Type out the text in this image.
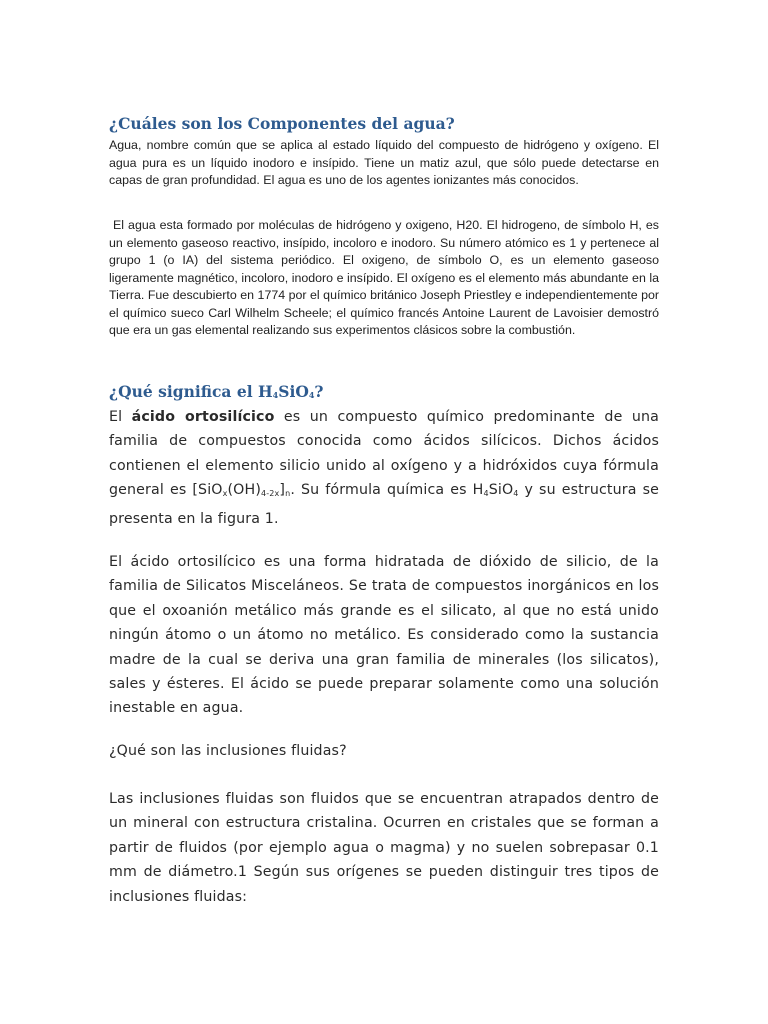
¿Cuáles son los Componentes del agua?

Agua, nombre común que se aplica al estado líquido del compuesto de hidrógeno y oxígeno. El agua pura es un líquido inodoro e insípido. Tiene un matiz azul, que sólo puede detectarse en capas de gran profundidad. El agua es uno de los agentes ionizantes más conocidos.

El agua esta formado por moléculas de hidrógeno y oxigeno, H20. El hidrogeno, de símbolo H, es un elemento gaseoso reactivo, insípido, incoloro e inodoro. Su número atómico es 1 y pertenece al grupo 1 (o IA) del sistema periódico. El oxigeno, de símbolo O, es un elemento gaseoso ligeramente magnético, incoloro, inodoro e insípido. El oxígeno es el elemento más abundante en la Tierra. Fue descubierto en 1774 por el químico británico Joseph Priestley e independientemente por el químico sueco Carl Wilhelm Scheele; el químico francés Antoine Laurent de Lavoisier demostró que era un gas elemental realizando sus experimentos clásicos sobre la combustión.

¿Qué significa el $H_4SiO_4$?

El ácido ortosilícico es un compuesto químico predominante de una familia de compuestos conocida como ácidos silícicos. Dichos ácidos contienen el elemento silicio unido al oxígeno y a hidróxidos cuya fórmula general es $[SiO_x(OH)_{4-2x}]_n$. Su fórmula química es $H_4SiO_4$ y su estructura se presenta en la figura 1.

El ácido ortosilícico es una forma hidratada de dióxido de silicio, de la familia de Silicatos Misceláneos. Se trata de compuestos inorgánicos en los que el oxoanión metálico más grande es el silicato, al que no está unido ningún átomo o un átomo no metálico. Es considerado como la sustancia madre de la cual se deriva una gran familia de minerales (los silicatos), sales y ésteres. El ácido se puede preparar solamente como una solución inestable en agua.

¿Qué son las inclusiones fluidas?

Las inclusiones fluidas son fluidos que se encuentran atrapados dentro de un mineral con estructura cristalina. Ocurren en cristales que se forman a partir de fluidos (por ejemplo agua o magma) y no suelen sobrepasar 0.1 mm de diámetro.1 Según sus orígenes se pueden distinguir tres tipos de inclusiones fluidas:
